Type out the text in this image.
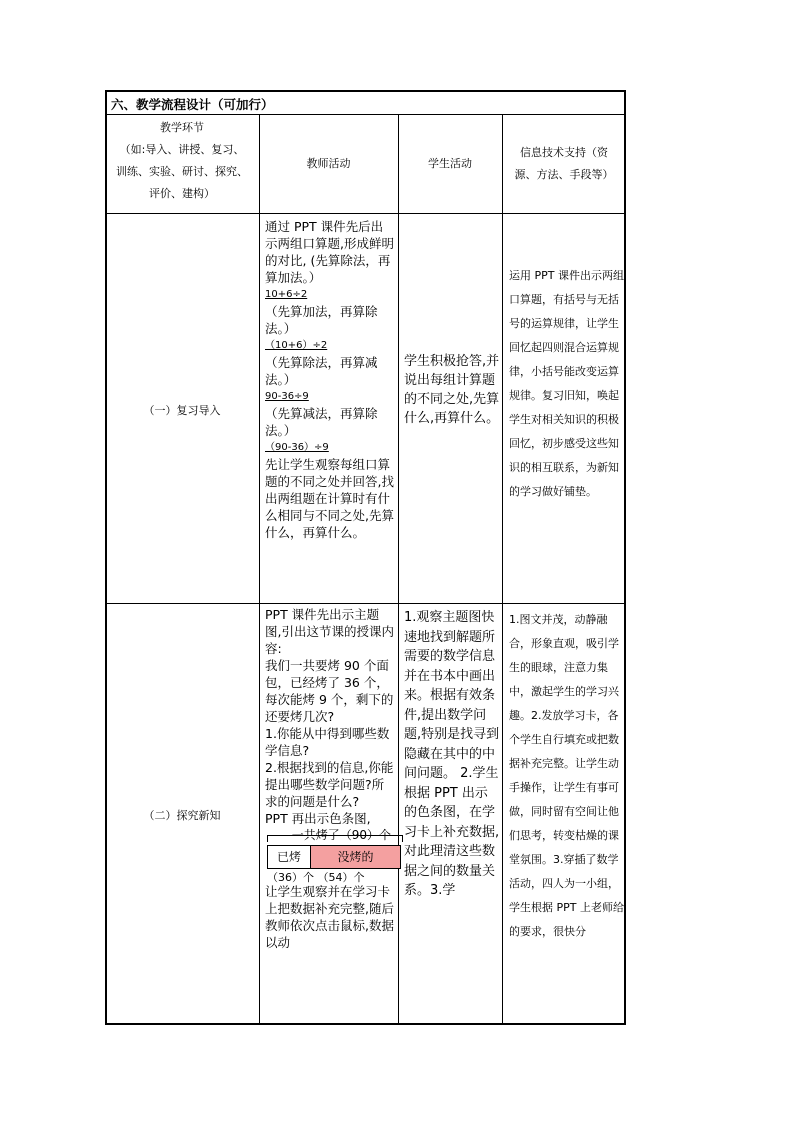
六、教学流程设计（可加行）
教学环节
（如:导入、讲授、复习、
训练、实验、研讨、探究、
评价、建构）
教师活动	学生活动
信息技术支持（资
源、方法、手段等）
（一）复习导入
通过 PPT 课件先后出示两组口算题,形成鲜明的对比, (先算除法，再算加法。）
10+6÷2
（先算加法，再算除法。）
（10+6）÷2
（先算除法，再算减法。）
90-36÷9
（先算减法，再算除法。）
（90-36）÷9
先让学生观察每组口算题的不同之处并回答,找出两组题在计算时有什么相同与不同之处,先算什么，再算什么。
学生积极抢答,并说出每组计算题的不同之处,先算什么,再算什么。
运用 PPT 课件出示两组口算题，有括号与无括号的运算规律，让学生回忆起四则混合运算规律，小括号能改变运算规律。复习旧知，唤起学生对相关知识的积极回忆，初步感受这些知识的相互联系，为新知的学习做好铺垫。
（二）探究新知
PPT 课件先出示主题图,引出这节课的授课内容:
我们一共要烤 90 个面包，已经烤了 36 个，每次能烤 9 个，剩下的还要烤几次?
1.你能从中得到哪些数学信息?
2.根据找到的信息,你能提出哪些数学问题?所求的问题是什么?
PPT 再出示色条图,
一共烤了（90）个
已烤	没烤的
（36）个 （54）个
让学生观察并在学习卡上把数据补充完整,随后教师依次点击鼠标,数据以动
1.观察主题图快速地找到解题所需要的数学信息并在书本中画出来。根据有效条件,提出数学问题,特别是找寻到隐藏在其中的中间问题。 2.学生根据 PPT 出示的色条图，在学习卡上补充数据,对此理清这些数据之间的数量关系。3.学
1.图文并茂，动静融合，形象直观，吸引学生的眼球，注意力集中，激起学生的学习兴趣。2.发放学习卡，各个学生自行填充或把数据补充完整。让学生动手操作，让学生有事可做，同时留有空间让他们思考，转变枯燥的课堂氛围。3.穿插了数学活动，四人为一小组，学生根据 PPT 上老师给的要求，很快分
